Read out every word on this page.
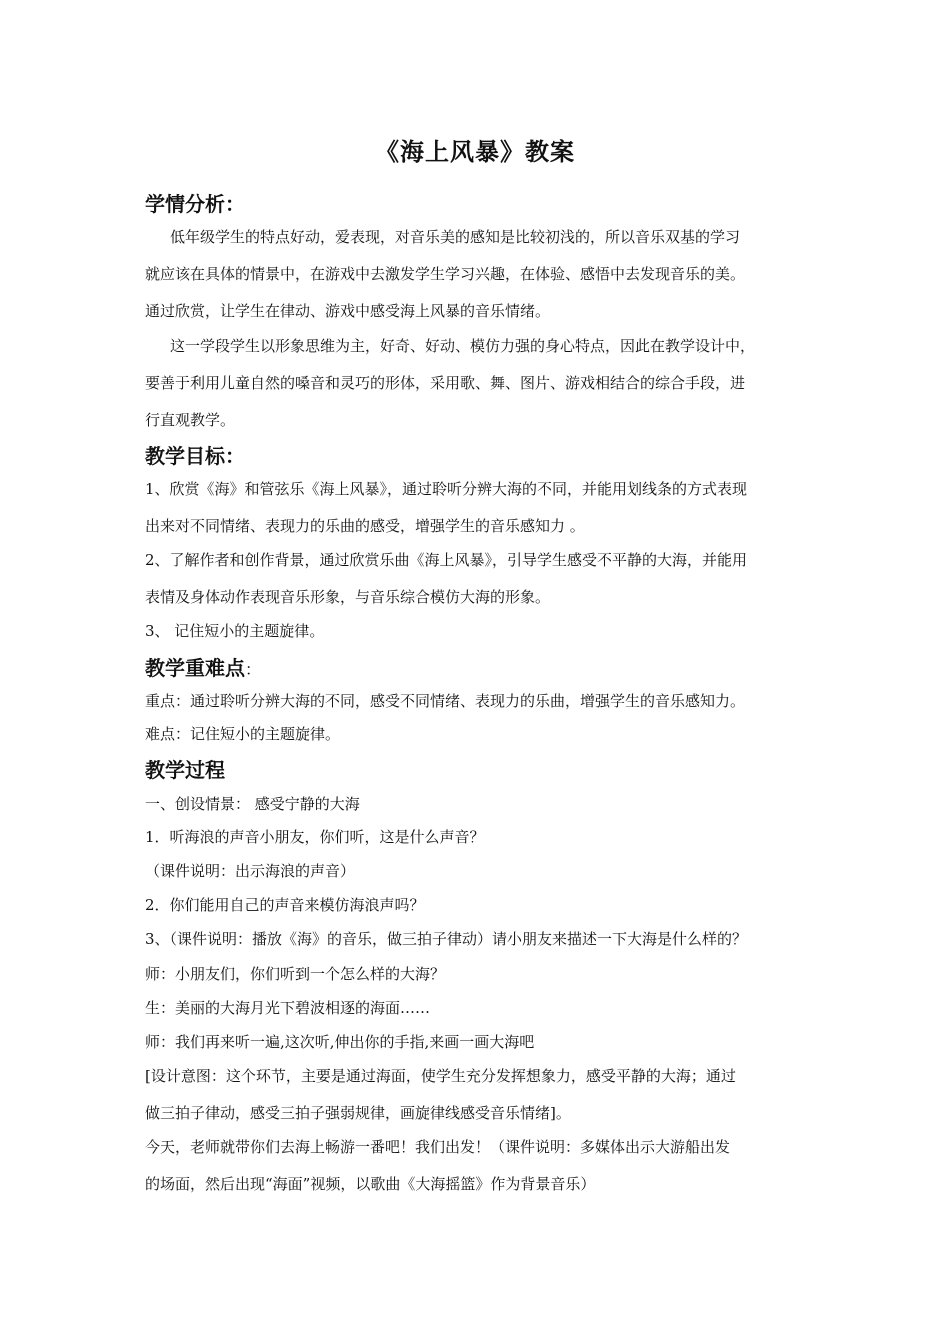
《海上风暴》教案
学情分析：
低年级学生的特点好动，爱表现，对音乐美的感知是比较初浅的，所以音乐双基的学习
就应该在具体的情景中，在游戏中去激发学生学习兴趣，在体验、感悟中去发现音乐的美。
通过欣赏，让学生在律动、游戏中感受海上风暴的音乐情绪。
这一学段学生以形象思维为主，好奇、好动、模仿力强的身心特点，因此在教学设计中，
要善于利用儿童自然的嗓音和灵巧的形体，采用歌、舞、图片、游戏相结合的综合手段，进
行直观教学。
教学目标：
1、欣赏《海》和管弦乐《海上风暴》，通过聆听分辨大海的不同，并能用划线条的方式表现
出来对不同情绪、表现力的乐曲的感受，增强学生的音乐感知力 。
2、了解作者和创作背景，通过欣赏乐曲《海上风暴》，引导学生感受不平静的大海，并能用
表情及身体动作表现音乐形象，与音乐综合模仿大海的形象。
3、 记住短小的主题旋律。
教学重难点：
重点：通过聆听分辨大海的不同，感受不同情绪、表现力的乐曲，增强学生的音乐感知力。
难点：记住短小的主题旋律。
教学过程
一、创设情景： 感受宁静的大海
1．听海浪的声音小朋友，你们听，这是什么声音？
（课件说明：出示海浪的声音）
2．你们能用自己的声音来模仿海浪声吗？
3、（课件说明：播放《海》的音乐，做三拍子律动）请小朋友来描述一下大海是什么样的？
师：小朋友们，你们听到一个怎么样的大海？
生：美丽的大海月光下碧波相逐的海面……
师：我们再来听一遍,这次听,伸出你的手指,来画一画大海吧
[设计意图：这个环节，主要是通过海面，使学生充分发挥想象力，感受平静的大海；通过
做三拍子律动，感受三拍子强弱规律，画旋律线感受音乐情绪]。
今天，老师就带你们去海上畅游一番吧！我们出发！（课件说明：多媒体出示大游船出发
的场面，然后出现“海面”视频，以歌曲《大海摇篮》作为背景音乐）
